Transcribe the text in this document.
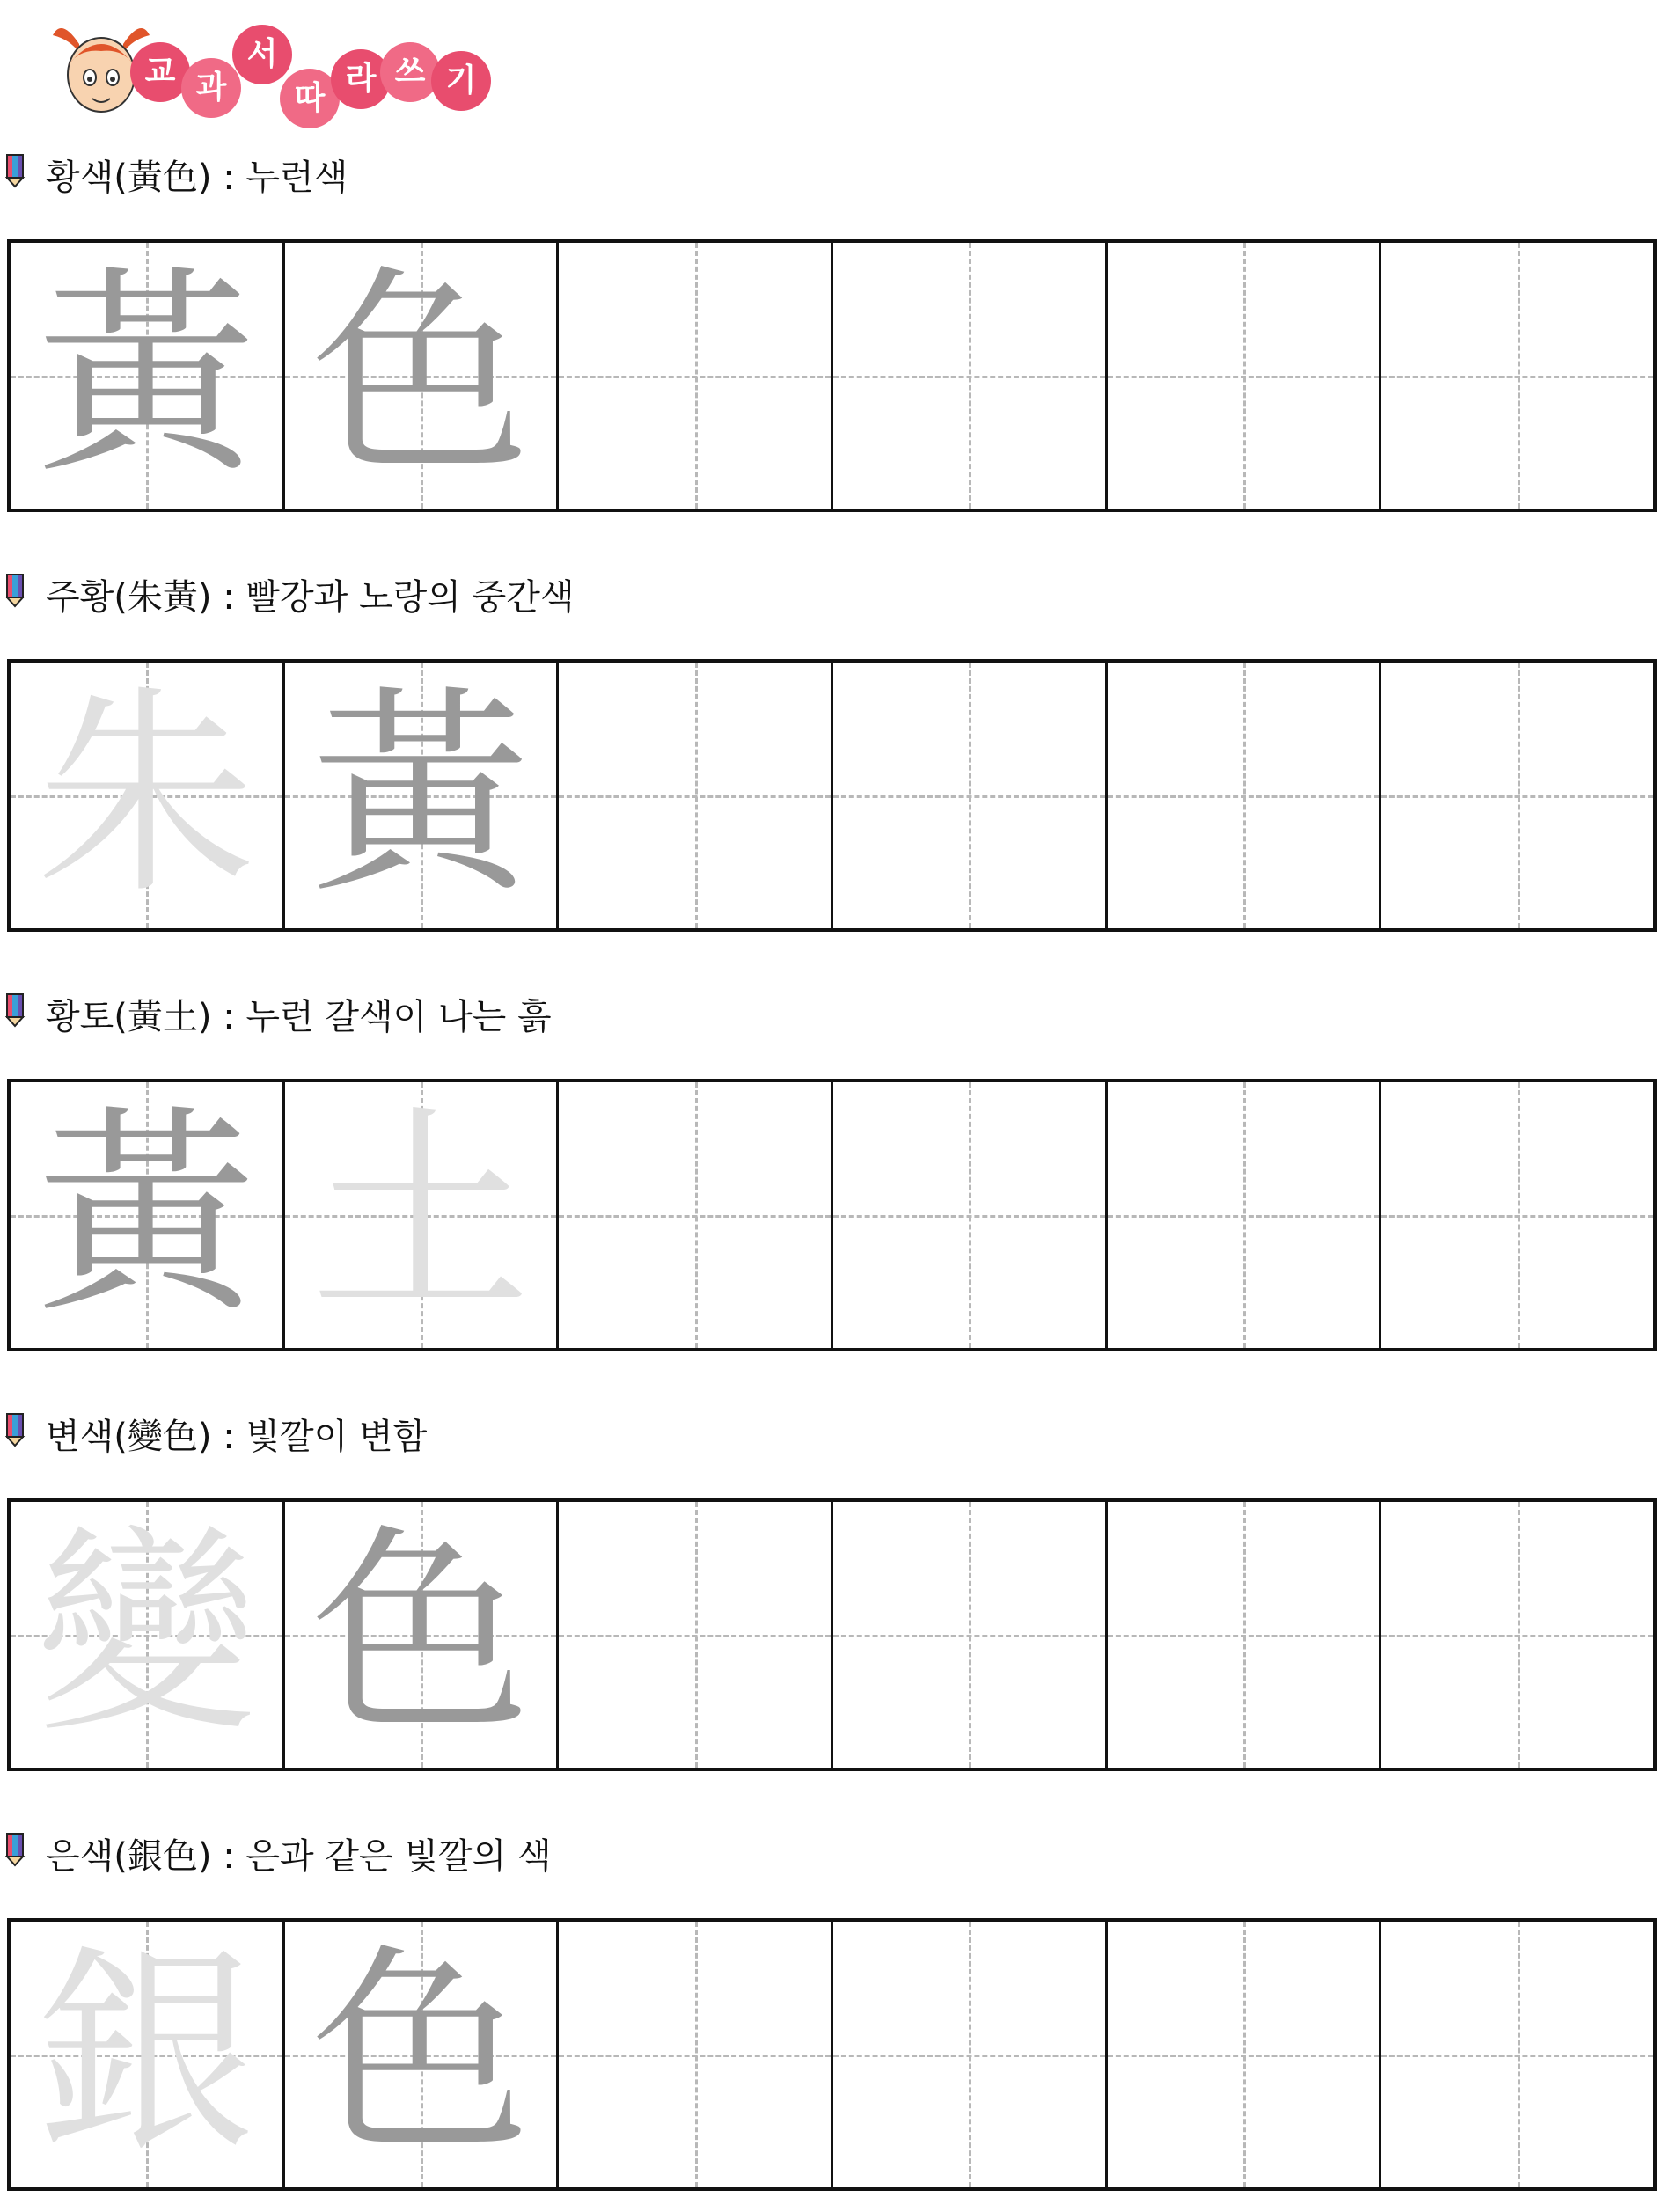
교 과
서
따
라 쓰 기
황색(黃色) : 누런색
黃 色
주황(朱黃) : 빨강과 노랑의 중간색
朱 黃
황토(黃土) : 누런 갈색이 나는 흙
黃 土
변색(變色) : 빛깔이 변함
變 色
은색(銀色) : 은과 같은 빛깔의 색
銀 色
